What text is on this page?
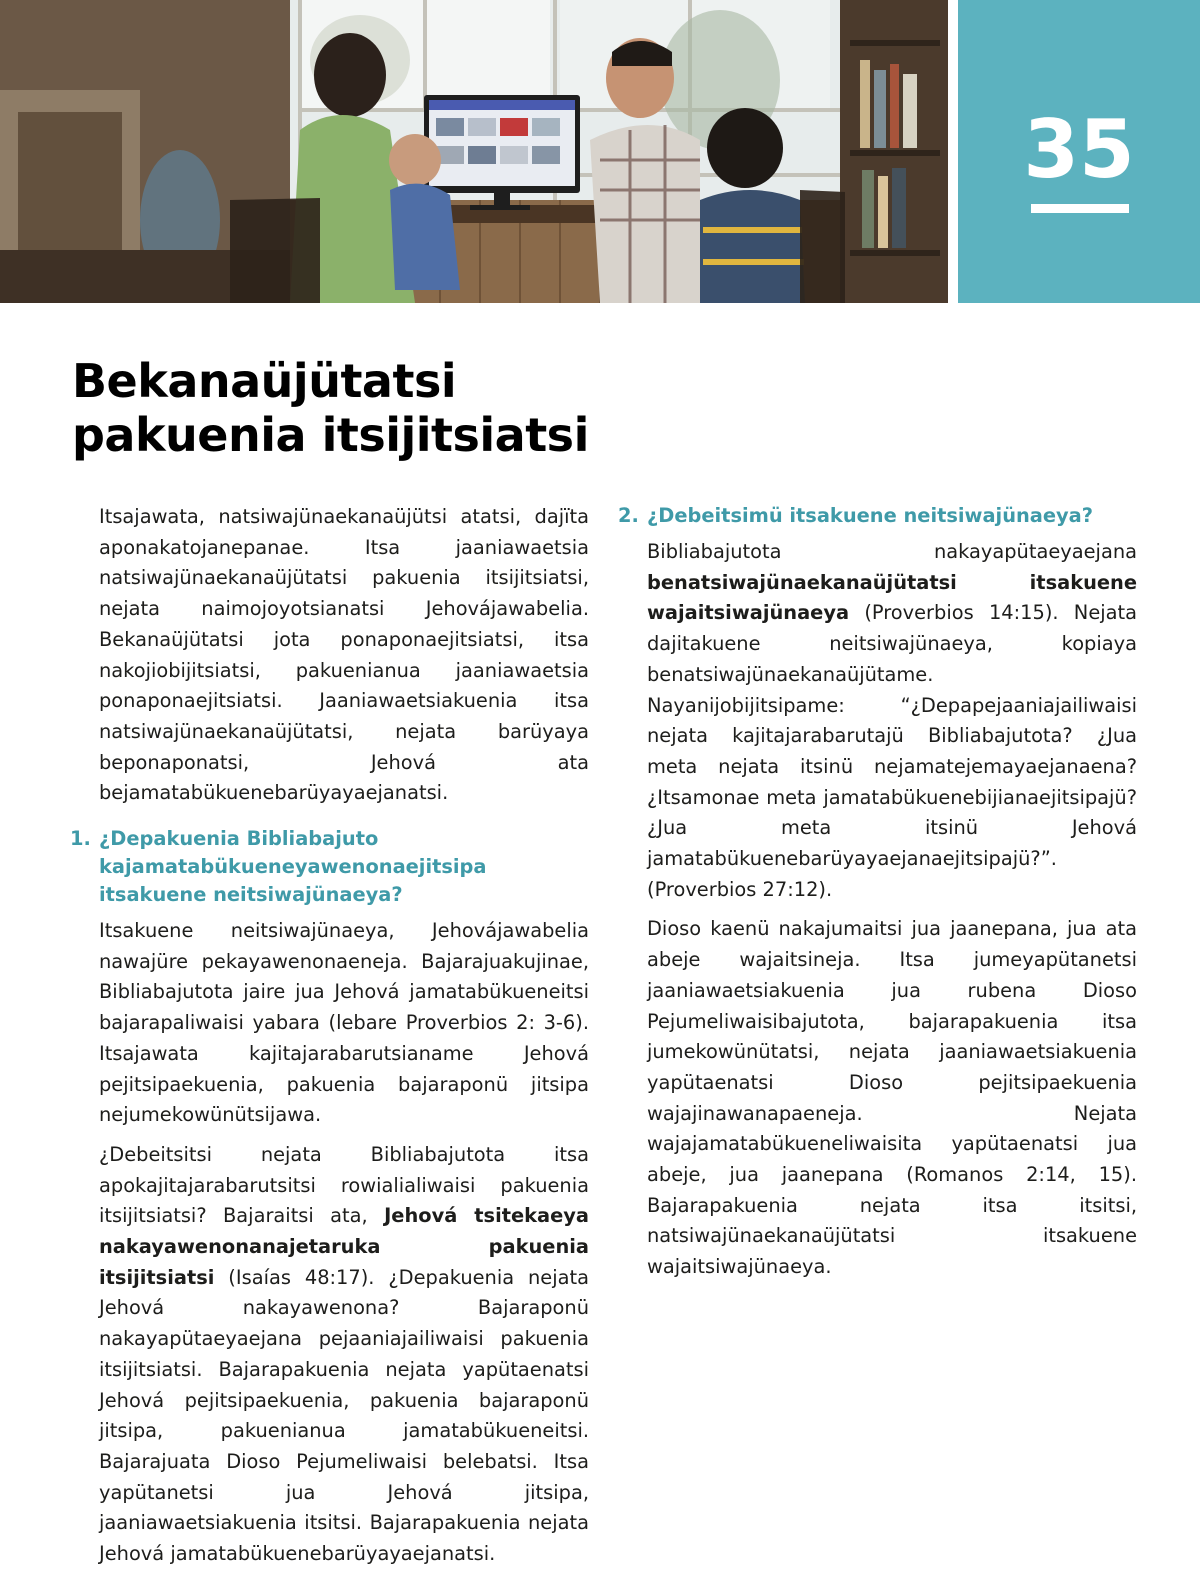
35
Bekanaüjütatsi
pakuenia itsijitsiatsi

Itsajawata, natsiwajünaekanaüjütsi atatsi, dajïta aponakatojanepanae. Itsa jaaniawaetsia natsiwajünaekanaüjütatsi pakuenia itsijitsiatsi, nejata naimojoyotsianatsi Jehovájawabelia. Bekanaüjütatsi jota ponaponaejitsiatsi, itsa nakojiobijitsiatsi, pakuenianua jaaniawaetsia ponaponaejitsiatsi. Jaaniawaetsiakuenia itsa natsiwajünaekanaüjütatsi, nejata barüyaya beponaponatsi, Jehová ata bejamatabükuenebarüyayaejanatsi.

1. ¿Depakuenia Bibliabajuto kajamatabükueneyawenonaejitsipa itsakuene neitsiwajünaeya?

Itsakuene neitsiwajünaeya, Jehovájawabelia nawajüre pekayawenonaenejа. Bajarajuakujinae, Bibliabajutota jaire jua Jehová jamatabükueneitsi bajarapaliwaisi yabara (lebare Proverbios 2: 3-6). Itsajawata kajitajarabarutsianame Jehová pejitsipaekuenia, pakuenia bajaraponü jitsipa nejumekowünütsijawa.

¿Debeitsitsi nejata Bibliabajutota itsa apokajitajarabarutsitsi rowialialiwaisi pakuenia itsijitsiatsi? Bajaraitsi ata, Jehová tsitekaeya nakayawenonanajetaruka pakuenia itsijitsiatsi (Isaías 48:17). ¿Depakuenia nejata Jehová nakayawenona? Bajaraponü nakayapütaeyaejana pejaaniajailiwaisi pakuenia itsijitsiatsi. Bajarapakuenia nejata yapütaenatsi Jehová pejitsipaekuenia, pakuenia bajaraponü jitsipa, pakuenianua jamatabükueneitsi. Bajarajuata Dioso Pejumeliwaisi belebatsi. Itsa yapütanetsi jua Jehová jitsipa, jaaniawaetsiakuenia itsitsi. Bajarapakuenia nejata Jehová jamatabükuenebarüyayaejanatsi.

2. ¿Debeitsimü itsakuene neitsiwajünaeya?

Bibliabajutota nakayapütaeyaejana benatsiwajünaekanaüjütatsi itsakuene wajaitsiwajünaeya (Proverbios 14:15). Nejata dajitakuene neitsiwajünaeya, kopiaya benatsiwajünaekanaüjütame. Nayanijobijitsipame: “¿Depapejaaniajailiwaisi nejata kajitajarabarutajü Bibliabajutota? ¿Jua meta nejata itsinü nejamatejemayaejanaena? ¿Itsamonae meta jamatabükuenebijianaejitsipajü? ¿Jua meta itsinü Jehová jamatabükuenebarüyayaejanaejitsipajü?”. (Proverbios 27:12).

Dioso kaenü nakajumaitsi jua jaanepana, jua ata abeje wajaitsinejа. Itsa jumeyapütanetsi jaaniawaetsiakuenia jua rubena Dioso Pejumeliwaisibajutota, bajarapakuenia itsa jumekowünütatsi, nejata jaaniawaetsiakuenia yapütaenatsi Dioso pejitsipaekuenia wajajinawanapaenejа. Nejata wajajamatabükueneliwaisita yapütaenatsi jua abeje, jua jaanepana (Romanos 2:14, 15). Bajarapakuenia nejata itsa itsitsi, natsiwajünaekanaüjütatsi itsakuene wajaitsiwajünaeya.
